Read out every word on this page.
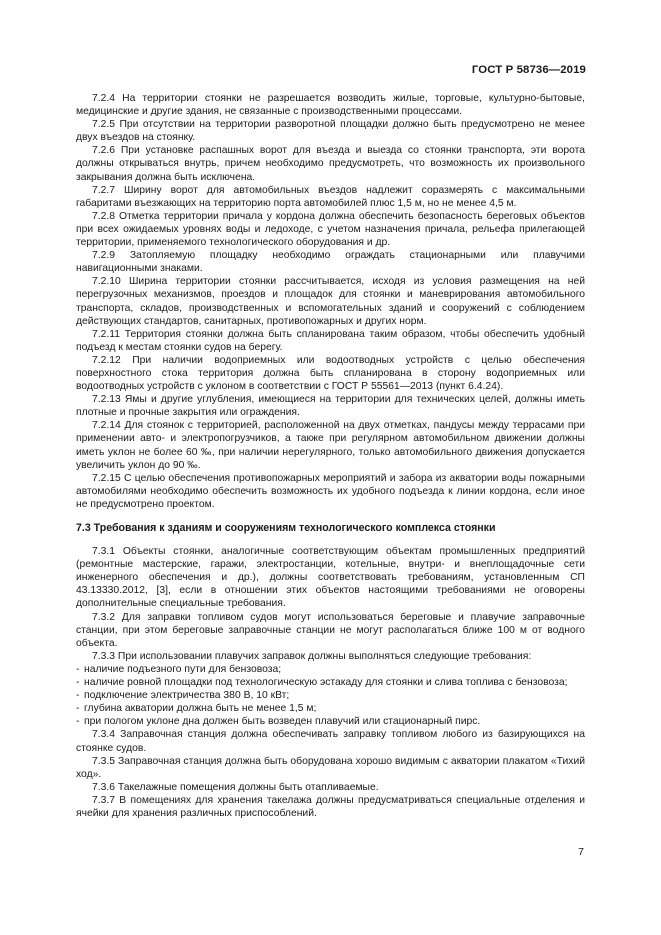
ГОСТ Р 58736—2019

7.2.4 На территории стоянки не разрешается возводить жилые, торговые, культурно-бытовые, медицинские и другие здания, не связанные с производственными процессами.

7.2.5 При отсутствии на территории разворотной площадки должно быть предусмотрено не менее двух въездов на стоянку.

7.2.6 При установке распашных ворот для въезда и выезда со стоянки транспорта, эти ворота должны открываться внутрь, причем необходимо предусмотреть, что возможность их произвольного закрывания должна быть исключена.

7.2.7 Ширину ворот для автомобильных въездов надлежит соразмерять с максимальными габаритами въезжающих на территорию порта автомобилей плюс 1,5 м, но не менее 4,5 м.

7.2.8 Отметка территории причала у кордона должна обеспечить безопасность береговых объектов при всех ожидаемых уровнях воды и ледоходе, с учетом назначения причала, рельефа прилегающей территории, применяемого технологического оборудования и др.

7.2.9 Затопляемую площадку необходимо ограждать стационарными или плавучими навигационными знаками.

7.2.10 Ширина территории стоянки рассчитывается, исходя из условия размещения на ней перегрузочных механизмов, проездов и площадок для стоянки и маневрирования автомобильного транспорта, складов, производственных и вспомогательных зданий и сооружений с соблюдением действующих стандартов, санитарных, противопожарных и других норм.

7.2.11 Территория стоянки должна быть спланирована таким образом, чтобы обеспечить удобный подъезд к местам стоянки судов на берегу.

7.2.12 При наличии водоприемных или водоотводных устройств с целью обеспечения поверхностного стока территория должна быть спланирована в сторону водоприемных или водоотводных устройств с уклоном в соответствии с ГОСТ Р 55561—2013 (пункт 6.4.24).

7.2.13 Ямы и другие углубления, имеющиеся на территории для технических целей, должны иметь плотные и прочные закрытия или ограждения.

7.2.14 Для стоянок с территорией, расположенной на двух отметках, пандусы между террасами при применении авто- и электропогрузчиков, а также при регулярном автомобильном движении должны иметь уклон не более 60 ‰, при наличии нерегулярного, только автомобильного движения допускается увеличить уклон до 90 ‰.

7.2.15 С целью обеспечения противопожарных мероприятий и забора из акватории воды пожарными автомобилями необходимо обеспечить возможность их удобного подъезда к линии кордона, если иное не предусмотрено проектом.

7.3 Требования к зданиям и сооружениям технологического комплекса стоянки

7.3.1 Объекты стоянки, аналогичные соответствующим объектам промышленных предприятий (ремонтные мастерские, гаражи, электростанции, котельные, внутри- и внеплощадочные сети инженерного обеспечения и др.), должны соответствовать требованиям, установленным СП 43.13330.2012, [3], если в отношении этих объектов настоящими требованиями не оговорены дополнительные специальные требования.

7.3.2 Для заправки топливом судов могут использоваться береговые и плавучие заправочные станции, при этом береговые заправочные станции не могут располагаться ближе 100 м от водного объекта.

7.3.3 При использовании плавучих заправок должны выполняться следующие требования:

- наличие подъезного пути для бензовоза;

- наличие ровной площадки под технологическую эстакаду для стоянки и слива топлива с бензовоза;

- подключение электричества 380 В, 10 кВт;

- глубина акватории должна быть не менее 1,5 м;

- при пологом уклоне дна должен быть возведен плавучий или стационарный пирс.

7.3.4 Заправочная станция должна обеспечивать заправку топливом любого из базирующихся на стоянке судов.

7.3.5 Заправочная станция должна быть оборудована хорошо видимым с акватории плакатом «Тихий ход».

7.3.6 Такелажные помещения должны быть отапливаемые.

7.3.7 В помещениях для хранения такелажа должны предусматриваться специальные отделения и ячейки для хранения различных приспособлений.

7
